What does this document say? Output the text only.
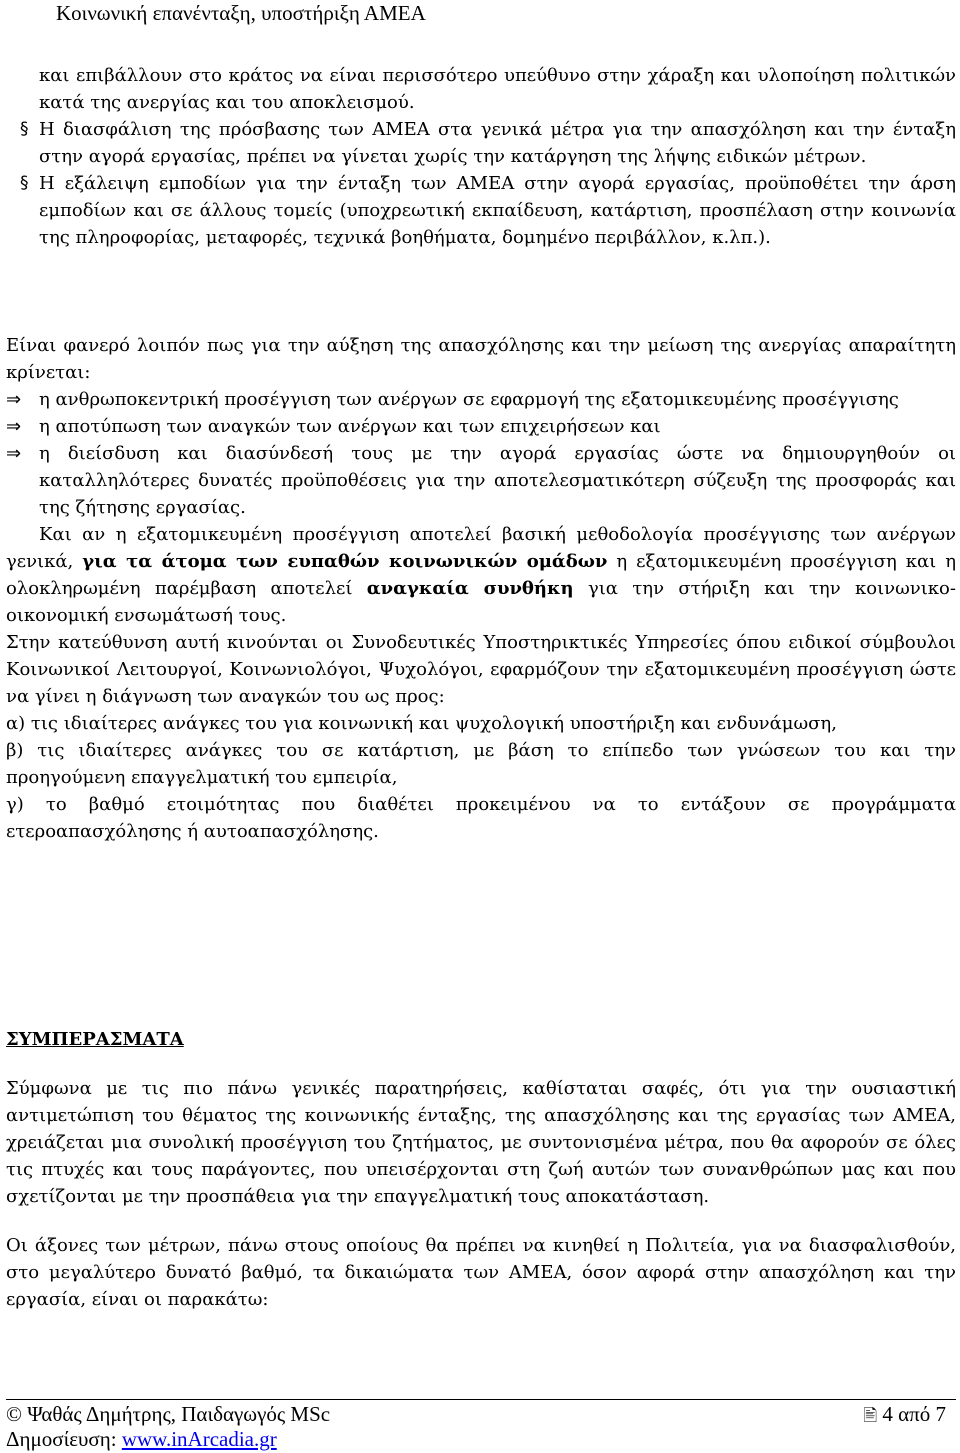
Κοινωνική επανένταξη, υποστήριξη ΑΜΕΑ

και επιβάλλουν στο κράτος να είναι περισσότερο υπεύθυνο στην χάραξη και υλοποίηση πολιτικών κατά της ανεργίας και του αποκλεισμού.

§ Η διασφάλιση της πρόσβασης των ΑΜΕΑ στα γενικά μέτρα για την απασχόληση και την ένταξη στην αγορά εργασίας, πρέπει να γίνεται χωρίς την κατάργηση της λήψης ειδικών μέτρων.
§ Η εξάλειψη εμποδίων για την ένταξη των ΑΜΕΑ στην αγορά εργασίας, προϋποθέτει την άρση εμποδίων και σε άλλους τομείς (υποχρεωτική εκπαίδευση, κατάρτιση, προσπέλαση στην κοινωνία της πληροφορίας, μεταφορές, τεχνικά βοηθήματα, δομημένο περιβάλλον, κ.λπ.).

Είναι φανερό λοιπόν πως για την αύξηση της απασχόλησης και την μείωση της ανεργίας απαραίτητη κρίνεται:

⇒ η ανθρωποκεντρική προσέγγιση των ανέργων σε εφαρμογή της εξατομικευμένης προσέγγισης
⇒ η αποτύπωση των αναγκών των ανέργων και των επιχειρήσεων και
⇒ η διείσδυση και διασύνδεσή τους με την αγορά εργασίας ώστε να δημιουργηθούν οι καταλληλότερες δυνατές προϋποθέσεις για την αποτελεσματικότερη σύζευξη της προσφοράς και της ζήτησης εργασίας.

Και αν η εξατομικευμένη προσέγγιση αποτελεί βασική μεθοδολογία προσέγγισης των ανέργων γενικά, για τα άτομα των ευπαθών κοινωνικών ομάδων η εξατομικευμένη προσέγγιση και η ολοκληρωμένη παρέμβαση αποτελεί αναγκαία συνθήκη για την στήριξη και την κοινωνικο-οικονομική ενσωμάτωσή τους.

Στην κατεύθυνση αυτή κινούνται οι Συνοδευτικές Υποστηρικτικές Υπηρεσίες όπου ειδικοί σύμβουλοι Κοινωνικοί Λειτουργοί, Κοινωνιολόγοι, Ψυχολόγοι, εφαρμόζουν την εξατομικευμένη προσέγγιση ώστε να γίνει η διάγνωση των αναγκών του ως προς:

α) τις ιδιαίτερες ανάγκες του για κοινωνική και ψυχολογική υποστήριξη και ενδυνάμωση,

β) τις ιδιαίτερες ανάγκες του σε κατάρτιση, με βάση το επίπεδο των γνώσεων του και την προηγούμενη επαγγελματική του εμπειρία,

γ) το βαθμό ετοιμότητας που διαθέτει προκειμένου να το εντάξουν σε προγράμματα ετεροαπασχόλησης ή αυτοαπασχόλησης.

ΣΥΜΠΕΡΑΣΜΑΤΑ

Σύμφωνα με τις πιο πάνω γενικές παρατηρήσεις, καθίσταται σαφές, ότι για την ουσιαστική αντιμετώπιση του θέματος της κοινωνικής ένταξης, της απασχόλησης και της εργασίας των ΑΜΕΑ, χρειάζεται μια συνολική προσέγγιση του ζητήματος, με συντονισμένα μέτρα, που θα αφορούν σε όλες τις πτυχές και τους παράγοντες, που υπεισέρχονται στη ζωή αυτών των συνανθρώπων μας και που σχετίζονται με την προσπάθεια για την επαγγελματική τους αποκατάσταση.

Οι άξονες των μέτρων, πάνω στους οποίους θα πρέπει να κινηθεί η Πολιτεία, για να διασφαλισθούν, στο μεγαλύτερο δυνατό βαθμό, τα δικαιώματα των ΑΜΕΑ, όσον αφορά στην απασχόληση και την εργασία, είναι οι παρακάτω:

© Ψαθάς Δημήτρης, Παιδαγωγός MSc	🖹 4 από 7
Δημοσίευση: www.inArcadia.gr
